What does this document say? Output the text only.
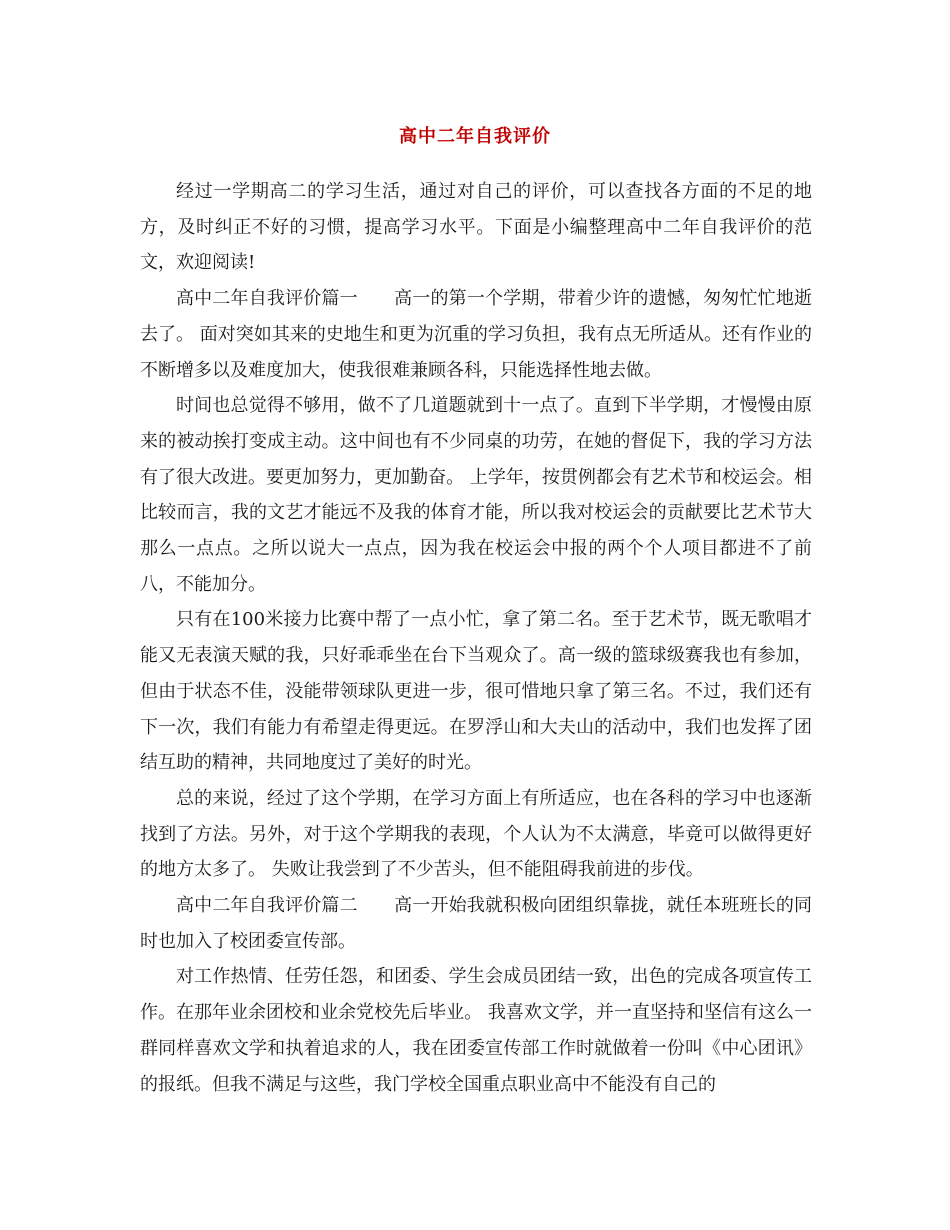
高中二年自我评价

经过一学期高二的学习生活，通过对自己的评价，可以查找各方面的不足的地方，及时纠正不好的习惯，提高学习水平。下面是小编整理高中二年自我评价的范文，欢迎阅读!

高中二年自我评价篇一　　高一的第一个学期，带着少许的遗憾，匆匆忙忙地逝去了。 面对突如其来的史地生和更为沉重的学习负担，我有点无所适从。还有作业的不断增多以及难度加大，使我很难兼顾各科，只能选择性地去做。

时间也总觉得不够用，做不了几道题就到十一点了。直到下半学期，才慢慢由原来的被动挨打变成主动。这中间也有不少同桌的功劳，在她的督促下，我的学习方法有了很大改进。要更加努力，更加勤奋。 上学年，按贯例都会有艺术节和校运会。相比较而言，我的文艺才能远不及我的体育才能，所以我对校运会的贡献要比艺术节大那么一点点。之所以说大一点点，因为我在校运会中报的两个个人项目都进不了前八，不能加分。

只有在100米接力比赛中帮了一点小忙，拿了第二名。至于艺术节，既无歌唱才能又无表演天赋的我，只好乖乖坐在台下当观众了。高一级的篮球级赛我也有参加，但由于状态不佳，没能带领球队更进一步，很可惜地只拿了第三名。不过，我们还有下一次，我们有能力有希望走得更远。在罗浮山和大夫山的活动中，我们也发挥了团结互助的精神，共同地度过了美好的时光。

总的来说，经过了这个学期，在学习方面上有所适应，也在各科的学习中也逐渐找到了方法。另外，对于这个学期我的表现，个人认为不太满意，毕竟可以做得更好的地方太多了。 失败让我尝到了不少苦头，但不能阻碍我前进的步伐。

高中二年自我评价篇二　　高一开始我就积极向团组织靠拢，就任本班班长的同时也加入了校团委宣传部。

对工作热情、任劳任怨，和团委、学生会成员团结一致，出色的完成各项宣传工作。在那年业余团校和业余党校先后毕业。 我喜欢文学，并一直坚持和坚信有这么一群同样喜欢文学和执着追求的人，我在团委宣传部工作时就做着一份叫《中心团讯》的报纸。但我不满足与这些，我门学校全国重点职业高中不能没有自己的
